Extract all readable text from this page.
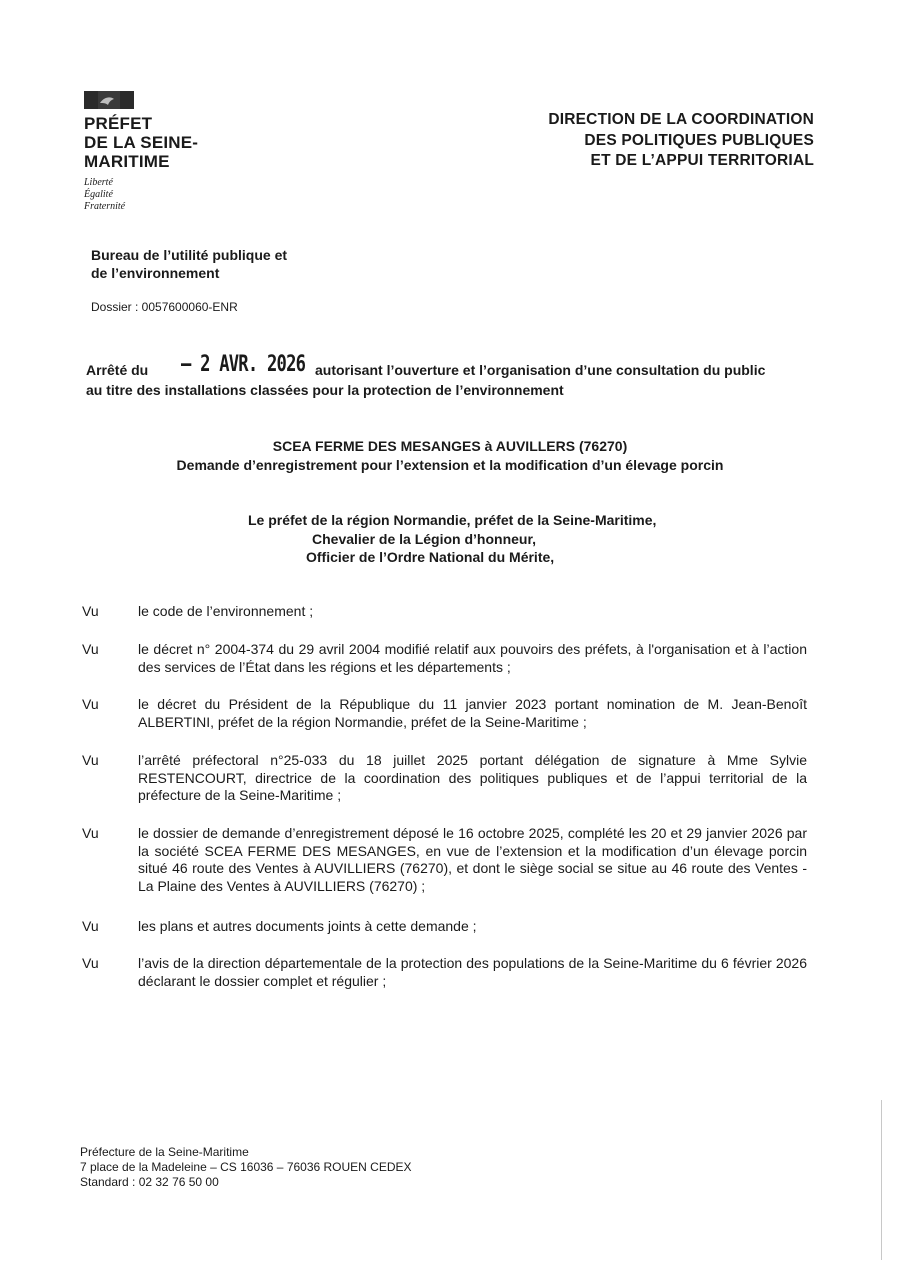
PRÉFET
DE LA SEINE-
MARITIME
Liberté
Égalité
Fraternité
DIRECTION DE LA COORDINATION
DES POLITIQUES PUBLIQUES
ET DE L’APPUI TERRITORIAL
Bureau de l’utilité publique et
de l’environnement
Dossier : 0057600060-ENR
Arrêté du – 2 AVR. 2026 autorisant l’ouverture et l’organisation d’une consultation du public
au titre des installations classées pour la protection de l’environnement
SCEA FERME DES MESANGES à AUVILLERS (76270)
Demande d’enregistrement pour l’extension et la modification d’un élevage porcin
Le préfet de la région Normandie, préfet de la Seine-Maritime,
Chevalier de la Légion d’honneur,
Officier de l’Ordre National du Mérite,
Vu	le code de l’environnement ;
Vu	le décret n° 2004-374 du 29 avril 2004 modifié relatif aux pouvoirs des préfets, à l'organisation et à l’action des services de l’État dans les régions et les départements ;
Vu	le décret du Président de la République du 11 janvier 2023 portant nomination de M. Jean-Benoît ALBERTINI, préfet de la région Normandie, préfet de la Seine-Maritime ;
Vu	l’arrêté préfectoral n°25-033 du 18 juillet 2025 portant délégation de signature à Mme Sylvie RESTENCOURT, directrice de la coordination des politiques publiques et de l’appui territorial de la préfecture de la Seine-Maritime ;
Vu	le dossier de demande d’enregistrement déposé le 16 octobre 2025, complété les 20 et 29 janvier 2026 par la société SCEA FERME DES MESANGES, en vue de l’extension et la modification d’un élevage porcin situé 46 route des Ventes à AUVILLIERS (76270), et dont le siège social se situe au 46 route des Ventes - La Plaine des Ventes à AUVILLIERS (76270) ;
Vu	les plans et autres documents joints à cette demande ;
Vu	l’avis de la direction départementale de la protection des populations de la Seine-Maritime du 6 février 2026 déclarant le dossier complet et régulier ;
Préfecture de la Seine-Maritime
7 place de la Madeleine – CS 16036 – 76036 ROUEN CEDEX
Standard : 02 32 76 50 00
